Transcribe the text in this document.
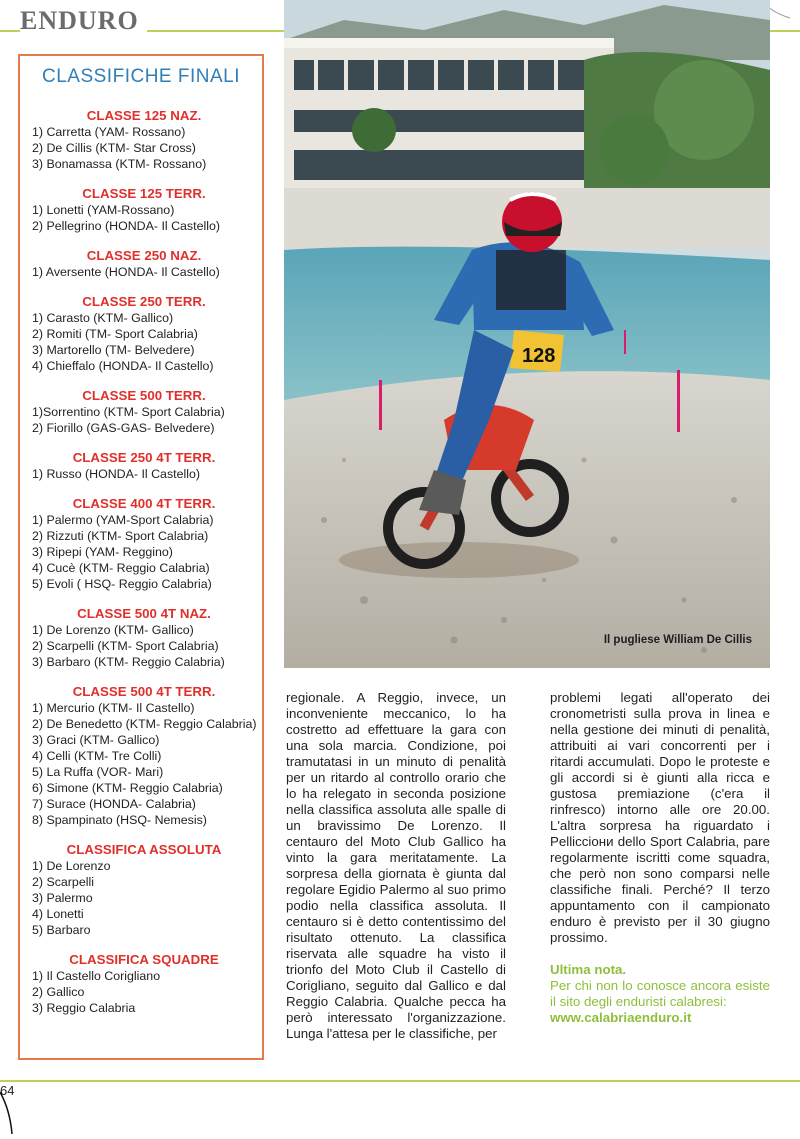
ENDURO
CLASSIFICHE FINALI
CLASSE 125 NAZ.
1) Carretta (YAM- Rossano)
2) De Cillis (KTM- Star Cross)
3) Bonamassa (KTM- Rossano)
CLASSE 125 TERR.
1) Lonetti (YAM-Rossano)
2) Pellegrino (HONDA- Il Castello)
CLASSE 250 NAZ.
1) Aversente (HONDA- Il Castello)
CLASSE 250 TERR.
1) Carasto (KTM- Gallico)
2) Romiti (TM- Sport Calabria)
3) Martorello (TM- Belvedere)
4) Chieffalo (HONDA- Il Castello)
CLASSE 500 TERR.
1)Sorrentino (KTM- Sport Calabria)
2) Fiorillo (GAS-GAS- Belvedere)
CLASSE 250 4T TERR.
1) Russo (HONDA- Il Castello)
CLASSE 400 4T TERR.
1) Palermo (YAM-Sport Calabria)
2) Rizzuti (KTM- Sport Calabria)
3) Ripepi (YAM- Reggino)
4) Cucè (KTM- Reggio Calabria)
5) Evoli ( HSQ- Reggio Calabria)
CLASSE 500 4T NAZ.
1) De Lorenzo (KTM- Gallico)
2) Scarpelli (KTM- Sport Calabria)
3) Barbaro (KTM- Reggio Calabria)
CLASSE 500 4T TERR.
1) Mercurio (KTM- Il Castello)
2) De Benedetto (KTM- Reggio Calabria)
3) Graci (KTM- Gallico)
4) Celli (KTM- Tre Colli)
5) La Ruffa (VOR- Mari)
6) Simone (KTM- Reggio Calabria)
7) Surace (HONDA- Calabria)
8) Spampinato (HSQ- Nemesis)
CLASSIFICA ASSOLUTA
1) De Lorenzo
2) Scarpelli
3) Palermo
4) Lonetti
5) Barbaro
CLASSIFICA SQUADRE
1) Il Castello Corigliano
2) Gallico
3) Reggio Calabria
128
Il pugliese William De Cillis
regionale. A Reggio, invece, un inconveniente meccanico, lo ha costretto ad effettuare la gara con una sola marcia. Condizione, poi tramutatasi in un minuto di penalità per un ritardo al controllo orario che lo ha relegato in seconda posizione nella classifica assoluta alle spalle di un bravissimo De Lorenzo. Il centauro del Moto Club Gallico ha vinto la gara meritatamente. La sorpresa della giornata è giunta dal regolare Egidio Palermo al suo primo podio nella classifica assoluta. Il centauro si è detto contentissimo del risultato ottenuto. La classifica riservata alle squadre ha visto il trionfo del Moto Club il Castello di Corigliano, seguito dal Gallico e dal Reggio Calabria. Qualche pecca ha però interessato l'organizzazione. Lunga l'attesa per le classifiche, per
problemi legati all'operato dei cronometristi sulla prova in linea e nella gestione dei minuti di penalità, attribuiti ai vari concorrenti per i ritardi accumulati. Dopo le proteste e gli accordi si è giunti alla ricca e gustosa premiazione (c'era il rinfresco) intorno alle ore 20.00. L'altra sorpresa ha riguardato i Pellicciони dello Sport Calabria, pare regolarmente iscritti come squadra, che però non sono comparsi nelle classifiche finali. Perché? Il terzo appuntamento con il campionato enduro è previsto per il 30 giugno prossimo.
Ultima nota.
Per chi non lo conosce ancora esiste il sito degli enduristi calabresi:
www.calabriaenduro.it
64
